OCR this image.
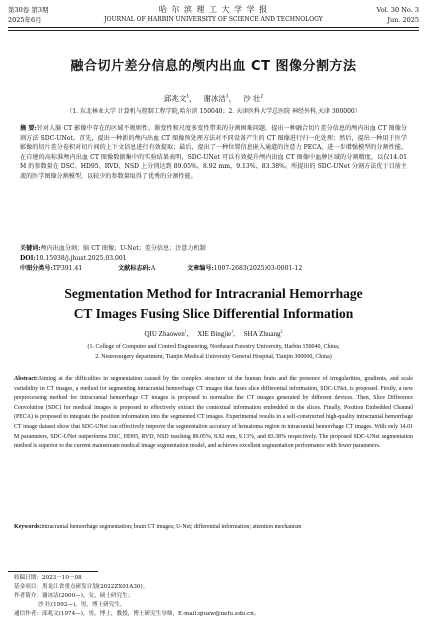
第30卷 第3期	哈 尔 滨 理 工 大 学 学 报	Vol. 30 No. 3
2025年6月	JOURNAL OF HARBIN UNIVERSITY OF SCIENCE AND TECHNOLOGY	Jun. 2025
融合切片差分信息的颅内出血 CT 图像分割方法
邱兆文$^1$，   谢冰洁$^1$，   沙 壮$^2$
（1. 东北林业大学 计算机与控制工程学院,哈尔滨 150040；2. 天津医科大学总医院 神经外科,天津 300000）
摘 要:针对人脑 CT 影像中存在的区域不规则性、渐变性和尺度多变性带来的分割困难问题，提出一种融合切片差分信息的颅内出血 CT 图像分割方法 SDC-UNet。首先，提出一种新的颅内出血 CT 图像预处理方法对不同设备产生的 CT 图像进行归一化处理；然后，提出一种用于医学影像的切片差分卷积对切片间的上下文信息进行有效提取；最后，提出了一种位置信息嵌入通道的注意力 PECA，进一步增强模型的分割性能。在自建的高标准颅内出血 CT 图像数据集中的实验结果表明，SDC-UNet 可以有效提升颅内出血 CT 图像中血肿区域的分割精度，以仅14.01 M 的参数量在 DSC、HD95、RVD、NSD 上分别达到 89.05%、8.92 mm、9.13%、83.38%。所提出的 SDC-UNet 分割方法优于目前主流的医学图像分割模型，以较少的参数量取得了优秀的分割性能。
关键词:颅内出血分割；脑 CT 图像；U-Net；差分信息；注意力机制
DOI:10.15938/j.jhust.2025.03.001
中图分类号:TP391.41	文献标志码:A	文章编号:1007-2683(2025)03-0001-12
Segmentation Method for Intracranial Hemorrhage
CT Images Fusing Slice Differential Information
QIU Zhaowen$^1$,     XIE Bingjie$^1$,     SHA Zhuang$^2$
(1. College of Computer and Control Engineering, Northeast Forestry University, Harbin 150040, China;
2. Neurosurgery department, Tianjin Medical University General Hospital, Tianjin 300000, China)
Abstract:Aiming at the difficulties in segmentation caused by the complex structure of the human brain and the presence of irregularities, gradients, and scale variability in CT images, a method for segmenting intracranial hemorrhage CT images that fuses slice differential information, SDC-UNet, is proposed. Firstly, a new preprocessing method for intracranial hemorrhage CT images is proposed to normalize the CT images generated by different devices. Then, Slice Difference Convolution (SDC) for medical images is proposed to effectively extract the contextual information embedded in the slices. Finally, Position Embedded Channel (PECA) is proposed to integrate the position information into the segmented CT images. Experimental results in a self-constructed high-quality intracranial hemorrhage CT image dataset show that SDC-UNet can effectively improve the segmentation accuracy of hematoma region in intracranial hemorrhage CT images. With only 14.01 M parameters, SDC-UNet outperforms DSC, HD95, RVD, NSD reaching 89.05%, 8.92 mm, 9.13%, and 83.38% respectively. The proposed SDC-UNet segmentation method is superior to the current mainstream medical image segmentation model, and achieves excellent segmentation performance with fewer parameters.
Keywords:intracranial hemorrhage segmentation; brain CT images; U-Net; differential information; attention mechanism
收稿日期：2023－10－08
基金项目：黑龙江省重点研发计划(2022ZX01A30)。
作者简介：谢冰洁(2000—)，女，硕士研究生；
沙 壮(1992—)，男，博士研究生。
通信作者：邱兆文(1974—)，男，博士，教授，博士研究生导师，E-mail:qiuzw@nefu.edu.cn。
